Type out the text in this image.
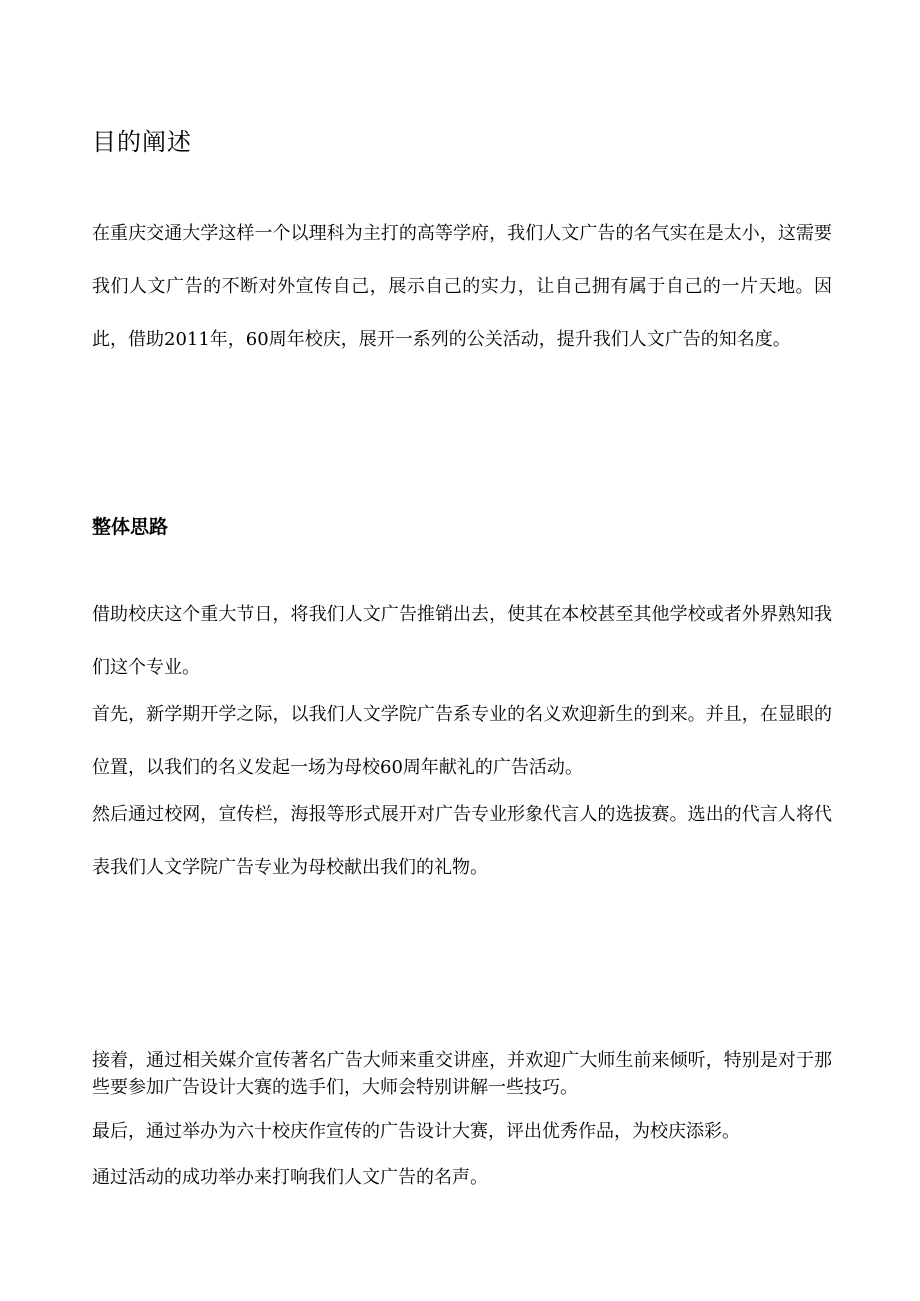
目的阐述

在重庆交通大学这样一个以理科为主打的高等学府，我们人文广告的名气实在是太小，这需要我们人文广告的不断对外宣传自己，展示自己的实力，让自己拥有属于自己的一片天地。因此，借助2011年，60周年校庆，展开一系列的公关活动，提升我们人文广告的知名度。

整体思路

借助校庆这个重大节日，将我们人文广告推销出去，使其在本校甚至其他学校或者外界熟知我们这个专业。

首先，新学期开学之际，以我们人文学院广告系专业的名义欢迎新生的到来。并且，在显眼的位置，以我们的名义发起一场为母校60周年献礼的广告活动。

然后通过校网，宣传栏，海报等形式展开对广告专业形象代言人的选拔赛。选出的代言人将代表我们人文学院广告专业为母校献出我们的礼物。

接着，通过相关媒介宣传著名广告大师来重交讲座，并欢迎广大师生前来倾听，特别是对于那些要参加广告设计大赛的选手们，大师会特别讲解一些技巧。

最后，通过举办为六十校庆作宣传的广告设计大赛，评出优秀作品，为校庆添彩。

通过活动的成功举办来打响我们人文广告的名声。
